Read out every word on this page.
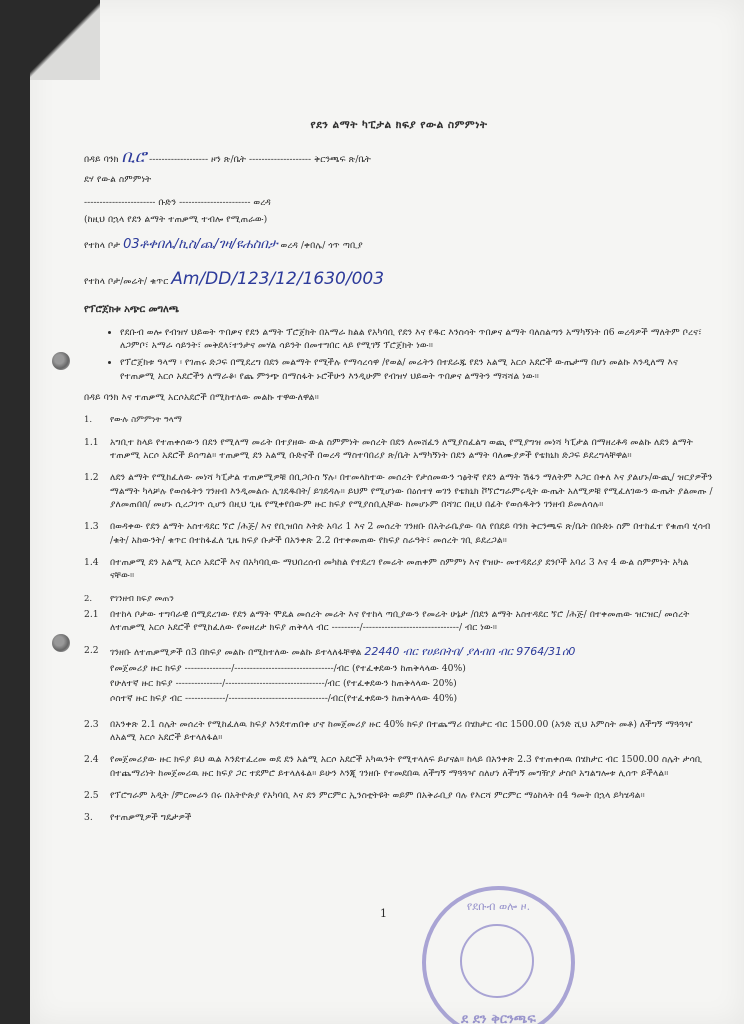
የደን ልማት ካፒታል ክፍያ የውል ስምምነት
በዳይ ባንክ ቢሮ ------------------- ዞን ጽ/ቤት -------------------- ቅርንጫፍ ጽ/ቤት
ደሃ የውል ስምምነት
----------------------- ቡድን ----------------------- ወረዳ
(ከዚህ በኋላ የደን ልማት ተጠቃሚ ተብሎ የሚጠራው)
የተከላ ቦታ 03ቶቀበሌ/ኪስ/ጨ/ገዛ/ዩሐስበታ ወረዳ /ቀበሌ/ ጎጥ ጣቢያ
የተከላ ቦታ/መሬት/ ቁጥር Am/DD/123/12/1630/003
የፕሮጀክቱ አጭር መግለጫ
• የደቡብ ወሎ የብዝሃ ህይወት ጥበቃና የደን ልማት ፕሮጀክት በአማራ ክልል የአካባቢ የደን እና የዱር እንስሳት ጥበቃና ልማት ባለስልጣን አማካኝነት በ6 ወረዳዎች ማለትም ቦረና፣ ለጋምቦ፣ አማራ ሳይንት፣ መቅደላ፣ተንታና መሃል ሳይንት በመተግበር ላይ የሚገኝ ፕሮጀክት ነው።
• የፕሮጀክቱ ዓላማ ፡ የገጠሩ ድጋፍ በሚደረግ በደን መልማት የሚችሉ የማሳረሳዋ /የወል/ መሬትን በተደራጁ የደን አልሚ አርሶ አደሮች ውጤታማ በሆነ መልኩ እንዲለማ እና የተጠቃሚ አርሶ አደሮችን ለማራቆ፡ የጨ ምንጭ በማስፋት ኑሮችሁን እንዲሁም የብዝሃ ህይወት ጥበቃና ልማትን ማሻሻል ነው።
በዳይ ባንክ እና ተጠቃሚ አርሶአደሮች በሚከተለው መልኩ ተዋውለዋል።
1.	የውሉ ስምምነት ዓላማ
1.1	አግቢተ ከላይ የተጠቀሰውን በደን የሚለማ መሬት በተያዘው ውል ስምምነት መሰረት በደን ለመሸፈን ለሚያስፈልግ ወጪ የሚያግዝ መነሻ ካፒታል በማዘረቶዳ መልኩ ለደን ልማት ተጠቃሚ አርሶ አደሮች ይሰጣል። ተጠቃሚ ደን አልሚ ቡድኖች በወረዳ ማስተባበሪያ ጽ/ቤት አማካኝነት በደን ልማት ባለሙያዎች የቴክኒክ ድጋፍ ይደረግላቸዋል።
1.2	ለደን ልማት የሚከፈለው መነሻ ካፒታል ተጠቃሚዎቹ በቢጋቡስ ኘሉ፡ በተመላከተው መሰረት የታሰመውን ኀፅትኛ የደን ልማት ሽፋን ማለትም እጋር በቀለ እና ያልሆኑ/ውጪ/ ዝርያዎችን ማልማት ካላቻሉ የወሰፋትን ገንዘብ እንዲመልሱ ሊገደዱበት/ ይገደዳሉ። ይህም የሚሆነው በዕሰተፃ ወገን የቴክኒክ ቮኘሮግራምሩዲት ውጤት አለሚዎቹ የሚፈለገውን ውጤት ያልመጡ /ያለመጠበበ/ መሆኑ ሲረጋገጥ ሲሆን በዚህ ጊዜ የሚቀየበውም ዙር ክፍያ የሚያስቢሊቸው ከመሆኑም በሻገር በዚህ በፊት የወሰዱትን ገንዘብ ይመለሳሉ።
1.3	በወዳቀው የደን ልማት አስተዳደር ኘሮ /ሕጅ/ እና የቢዝበስ እትድ አባሪ 1 እና 2 መሰረት ገንዘቡ በአትራቤያው ባለ የበደይ ባንክ ቅርንጫፍ ጽ/ቤት በቡድኑ ስም በተከፈተ የቁጠባ ሂሳብ /ቁት/ አከውንት/ ቁጥር በተከፋፈለ ጊዜ ክፍያ ቡታች በአንቀጽ 2.2 በተቀመጠው የክፍያ ስራዓት፣ መሰረት ገቢ ይደረጋል።
1.4	በተጠቃሚ ደን አልሚ አርሶ አደሮች እና በአካባቢው ማህበረሰብ መካከል የተደረገ የመሬት መጠቀም ስምምነ እና የዝሁ- መተዳደሪያ ደንቦች አባሪ 3 እና 4 ውል ስምምነት አካል ናቸው።
2.	የገንዘብ ክፍያ መጠን
2.1	በተከላ ቦታው ተግባራዊ በሚደረገው የደን ልማት ሞዴል መሰረት መሬት እና የተከላ ጣቢያውን የመሬት ሁኔታ /በደን ልማት አስተዳደር ኘሮ /ሕጅ/ በተቀመጠው ዝርዝር/ መሰረት ለተጠቃሚ አርሶ አደሮች የሚከፈለው የመዘረታ ክፍያ ጠቅላላ ብር ---------/-------------------------------/ ብር ነው።
2.2	ገንዘቡ ለተጠቃሚዎች በ3 በክፍያ መልኩ በሚከተለው መልኩ ይተላለፋቸዋል 22440 ብር የሀይበትበ/ ያለብበ ብር 9764/31ሰ0
የመጀመሪያ ዙር ክፍያ ---------------/--------------------------------/ብር (የተፈቀደውን ከጠቅላላው 40%)
የሁለተኛ ዙር ክፍያ ---------------/--------------------------------/ብር (የተፈቀደውን ከጠቅላላው 20%)
ሶስተኛ ዙር ክፍያ ብር -------------/--------------------------------/ብር(የተፈቀደውን ከጠቅላላው 40%)
2.3	በአንቀጽ 2.1 ስሌት መሰረት የሚከፈለዉ ክፍያ እንደተጠበቀ ሆኖ ከመጀመሪያ ዙር 40% ክፍያ በተጨማሪ በሄክታር ብር 1500.00 (አንድ ሺህ አምስት መቶ) ለችግኝ ማጓጓዣ ለአልሚ አርሶ አደሮች ይተላለፋል።
2.4	የመጀመሪያው ዙር ክፍያ ይህ ዉል እንደተፈረመ ወደ ደን አልሚ አርሶ አደሮች አካዉንት የሚተላለፍ ይሆናል። ከላይ በአንቀጽ 2.3 የተጠቀሰዉ በሄክታር ብር 1500.00 ስሌት ታሳቢ በተጨማሪነት ከመጀመሪዉ ዙር ክፍያ ጋር ተደምሮ ይተላለፋል። ይሁን እንጂ ገንዘቡ የተመደበዉ ለችግኝ ማጓጓዣ ስለሆነ ለችግኝ መግዥያ ታስቦ አግልግሎቱ ሊሰጥ ይችላል።
2.5	የፕሮግራም አዲት /ምርመራን በሩ በአትዮጵያ የአካባቢ እና ደን ምርምር ኢንስቲትዩት ወይም በአቅራቢያ ባሉ የእርሻ ምርምር ማዕከላት በ4 ዓመት በኋላ ይካሄዳል።
3.	የተጠቃሚዎች ግዴታዎች
1
የደቡብ ወሎ ዞ.
ደ ደን ቅርንጫፍ
